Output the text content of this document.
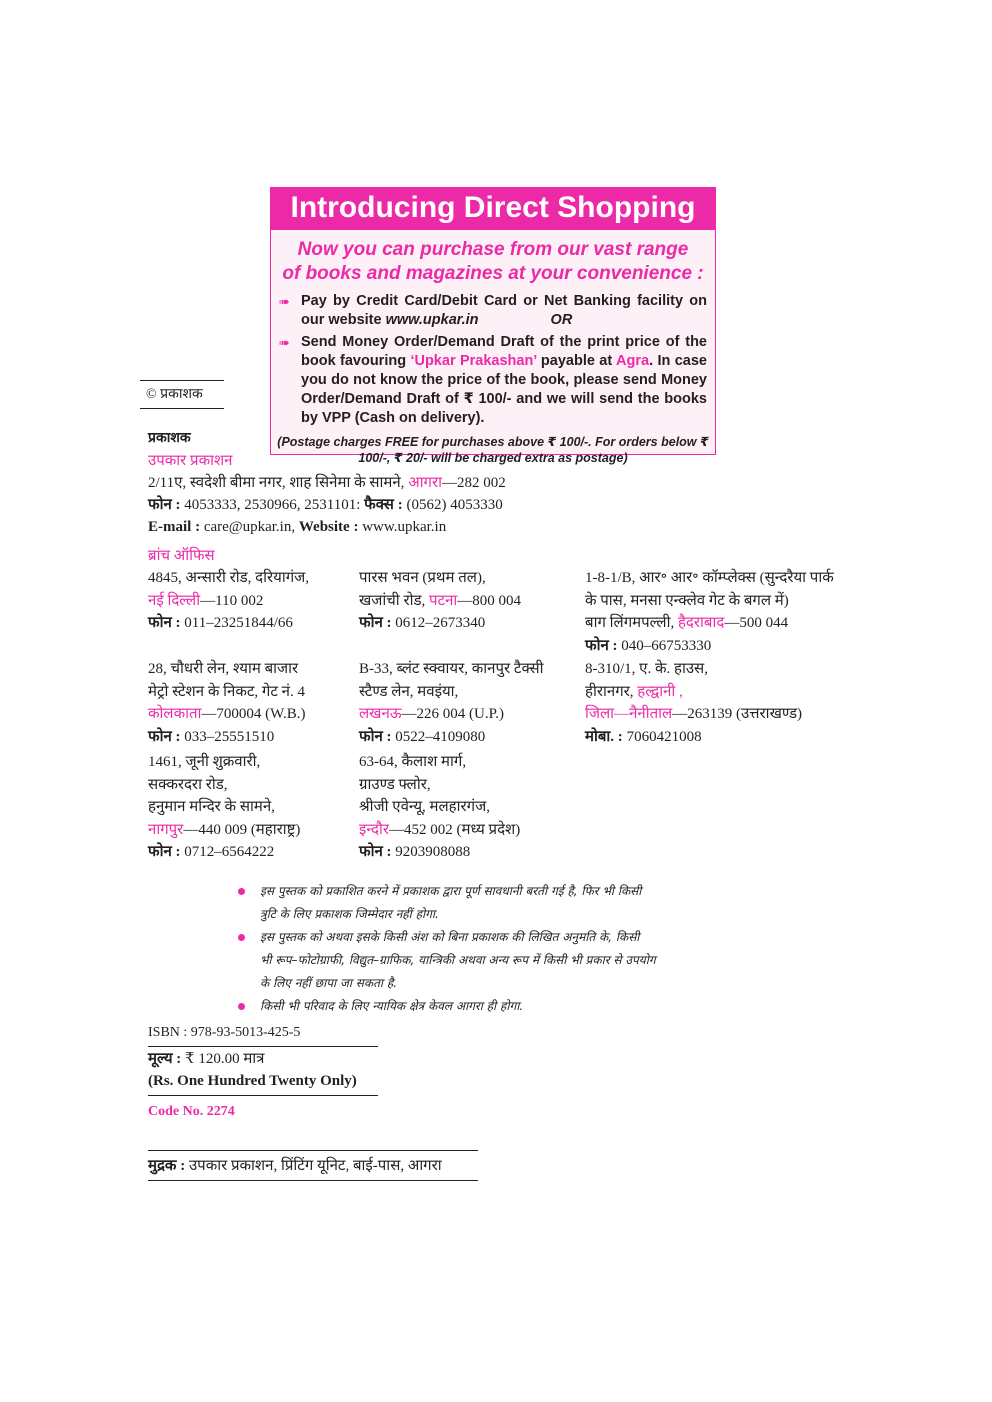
Introducing Direct Shopping
Now you can purchase from our vast range
of books and magazines at your convenience :
➠ Pay by Credit Card/Debit Card or Net Banking facility on our website www.upkar.in	OR
➠ Send Money Order/Demand Draft of the print price of the book favouring ‘Upkar Prakashan’ payable at Agra. In case you do not know the price of the book, please send Money Order/Demand Draft of ₹ 100/- and we will send the books by VPP (Cash on delivery).
(Postage charges FREE for purchases above ₹ 100/-. For orders below ₹ 100/-, ₹ 20/- will be charged extra as postage)
© प्रकाशक
प्रकाशक
उपकार प्रकाशन
2/11ए, स्वदेशी बीमा नगर, शाह सिनेमा के सामने, आगरा—282 002
फोन : 4053333, 2530966, 2531101: फैक्स : (0562) 4053330
E-mail : care@upkar.in, Website : www.upkar.in
ब्रांच ऑफिस
4845, अन्सारी रोड, दरियागंज,
नई दिल्ली—110 002
फोन : 011–23251844/66
पारस भवन (प्रथम तल),
खजांची रोड, पटना—800 004
फोन : 0612–2673340
1-8-1/B, आर॰ आर॰ कॉम्प्लेक्स (सुन्दरैया पार्क
के पास, मनसा एन्क्लेव गेट के बगल में)
बाग लिंगमपल्ली, हैदराबाद—500 044
फोन : 040–66753330
28, चौधरी लेन, श्याम बाजार
मेट्रो स्टेशन के निकट, गेट नं. 4
कोलकाता—700004 (W.B.)
फोन : 033–25551510
B-33, ब्लंट स्क्वायर, कानपुर टैक्सी
स्टैण्ड लेन, मवइंया,
लखनऊ—226 004 (U.P.)
फोन : 0522–4109080
8-310/1, ए. के. हाउस,
हीरानगर, हल्द्वानी ,
जिला—नैनीताल—263139 (उत्तराखण्ड)
मोबा. : 7060421008
1461, जूनी शुक्रवारी,
सक्करदरा रोड,
हनुमान मन्दिर के सामने,
नागपुर—440 009 (महाराष्ट्र)
फोन : 0712–6564222
63-64, कैलाश मार्ग,
ग्राउण्ड फ्लोर,
श्रीजी एवेन्यू, मलहारगंज,
इन्दौर—452 002 (मध्य प्रदेश)
फोन : 9203908088
इस पुस्तक को प्रकाशित करने में प्रकाशक द्वारा पूर्ण सावधानी बरती गई है, फिर भी किसी
त्रुटि के लिए प्रकाशक जिम्मेदार नहीं होगा.
इस पुस्तक को अथवा इसके किसी अंश को बिना प्रकाशक की लिखित अनुमति के, किसी
भी रूप–फोटोग्राफी, विद्युत–ग्राफिक, यान्त्रिकी अथवा अन्य रूप में किसी भी प्रकार से उपयोग
के लिए नहीं छापा जा सकता है.
किसी भी परिवाद के लिए न्यायिक क्षेत्र केवल आगरा ही होगा.
ISBN : 978-93-5013-425-5
मूल्य : ₹ 120.00 मात्र
(Rs. One Hundred Twenty Only)
Code No. 2274
मुद्रक : उपकार प्रकाशन, प्रिंटिंग यूनिट, बाई-पास, आगरा
